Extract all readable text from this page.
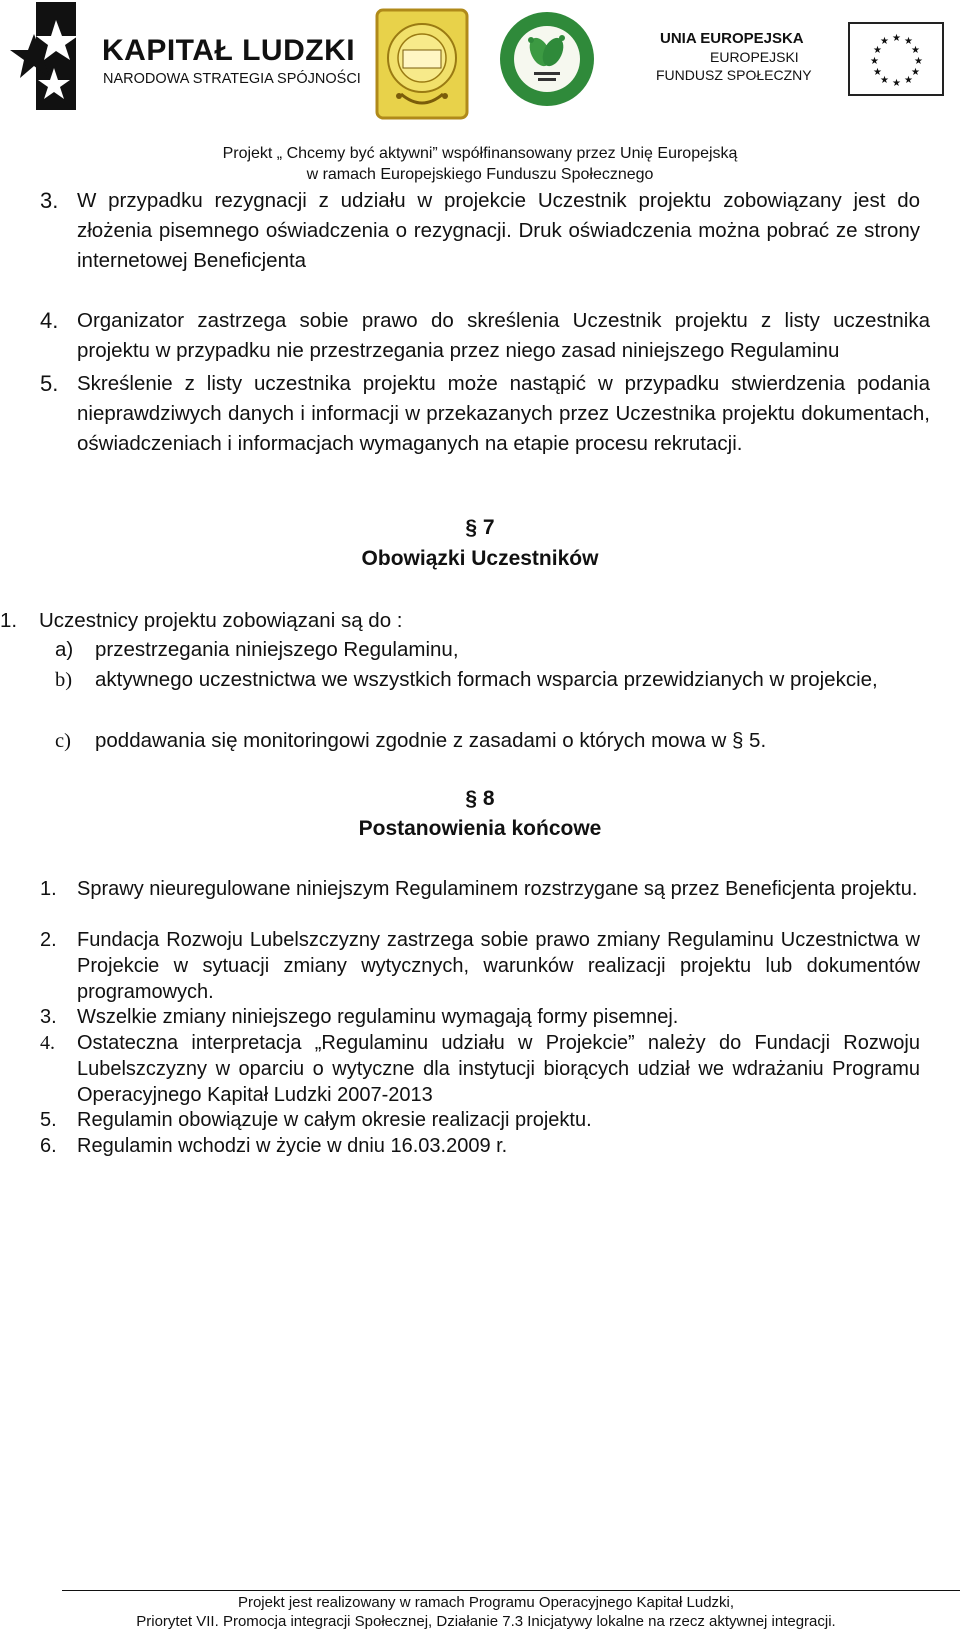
KAPITAŁ LUDZKI
NARODOWA STRATEGIA SPÓJNOŚCI
UNIA EUROPEJSKA
EUROPEJSKI
FUNDUSZ SPOŁECZNY
★ ★
★
★
★
★
★
★
★
★
★
★
Projekt „ Chcemy być aktywni” współfinansowany przez Unię Europejską
w ramach Europejskiego Funduszu Społecznego
3. W przypadku rezygnacji z udziału w projekcie Uczestnik projektu zobowiązany jest do złożenia pisemnego oświadczenia o rezygnacji. Druk oświadczenia można pobrać ze strony internetowej Beneficjenta
4. Organizator zastrzega sobie prawo do skreślenia Uczestnik projektu z listy uczestnika projektu w przypadku nie przestrzegania przez niego zasad niniejszego Regulaminu
5. Skreślenie z listy uczestnika projektu może nastąpić w przypadku stwierdzenia podania nieprawdziwych danych i informacji w przekazanych przez Uczestnika projektu dokumentach, oświadczeniach i informacjach wymaganych na etapie procesu rekrutacji.
§ 7
Obowiązki Uczestników
1. Uczestnicy projektu zobowiązani są do :
a) przestrzegania niniejszego Regulaminu,
b) aktywnego uczestnictwa we wszystkich formach wsparcia przewidzianych w projekcie,
c) poddawania się monitoringowi zgodnie z zasadami o których mowa w § 5.
§ 8
Postanowienia końcowe
1. Sprawy nieuregulowane niniejszym Regulaminem rozstrzygane są przez Beneficjenta projektu.
2. Fundacja Rozwoju Lubelszczyzny zastrzega sobie prawo zmiany Regulaminu Uczestnictwa w Projekcie w sytuacji zmiany wytycznych, warunków realizacji projektu lub dokumentów programowych.
3. Wszelkie zmiany niniejszego regulaminu wymagają formy pisemnej.
4. Ostateczna interpretacja „Regulaminu udziału w Projekcie” należy do Fundacji Rozwoju Lubelszczyzny w oparciu o wytyczne dla instytucji biorących udział we wdrażaniu Programu Operacyjnego Kapitał Ludzki 2007-2013
5. Regulamin obowiązuje w całym okresie realizacji projektu.
6. Regulamin wchodzi w życie w dniu 16.03.2009 r.
Projekt jest realizowany w ramach Programu Operacyjnego Kapitał Ludzki,
Priorytet VII. Promocja integracji Społecznej, Działanie 7.3 Inicjatywy lokalne na rzecz aktywnej integracji.
